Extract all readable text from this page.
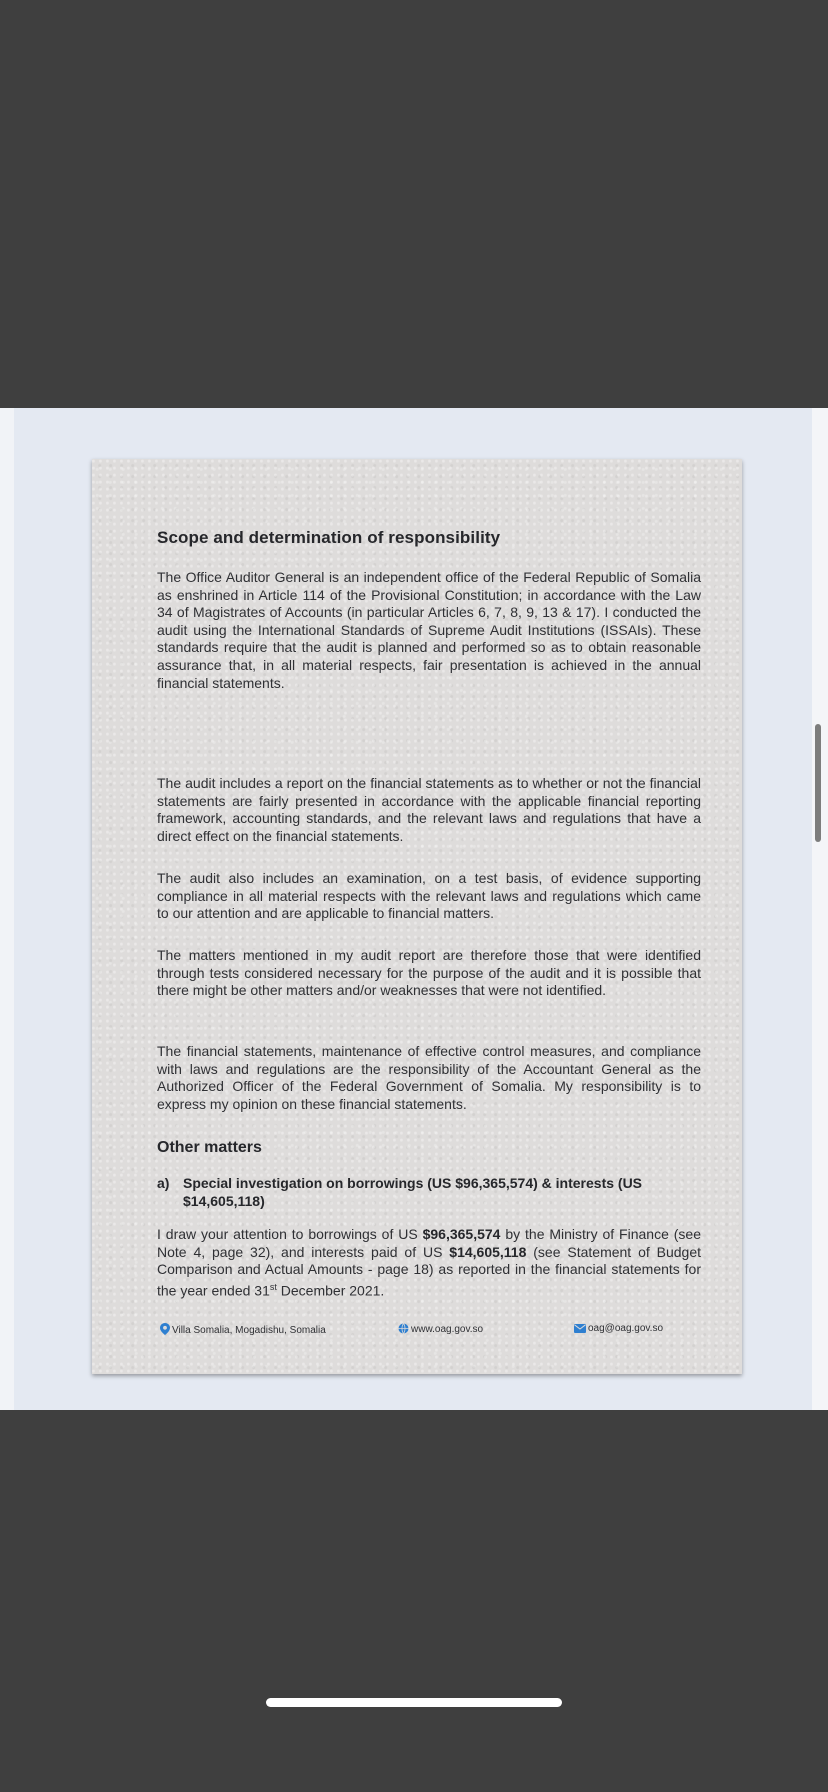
Scope and determination of responsibility

The Office Auditor General is an independent office of the Federal Republic of Somalia as enshrined in Article 114 of the Provisional Constitution; in accordance with the Law 34 of Magistrates of Accounts (in particular Articles 6, 7, 8, 9, 13 & 17). I conducted the audit using the International Standards of Supreme Audit Institutions (ISSAIs). These standards require that the audit is planned and performed so as to obtain reasonable assurance that, in all material respects, fair presentation is achieved in the annual financial statements.

The audit includes a report on the financial statements as to whether or not the financial statements are fairly presented in accordance with the applicable financial reporting framework, accounting standards, and the relevant laws and regulations that have a direct effect on the financial statements.

The audit also includes an examination, on a test basis, of evidence supporting compliance in all material respects with the relevant laws and regulations which came to our attention and are applicable to financial matters.

The matters mentioned in my audit report are therefore those that were identified through tests considered necessary for the purpose of the audit and it is possible that there might be other matters and/or weaknesses that were not identified.

The financial statements, maintenance of effective control measures, and compliance with laws and regulations are the responsibility of the Accountant General as the Authorized Officer of the Federal Government of Somalia. My responsibility is to express my opinion on these financial statements.

Other matters
a) Special investigation on borrowings (US $96,365,574) & interests (US $14,605,118)

I draw your attention to borrowings of US $96,365,574 by the Ministry of Finance (see Note 4, page 32), and interests paid of US $14,605,118 (see Statement of Budget Comparison and Actual Amounts - page 18) as reported in the financial statements for the year ended 31st December 2021.

Villa Somalia, Mogadishu, Somalia	www.oag.gov.so	oag@oag.gov.so
